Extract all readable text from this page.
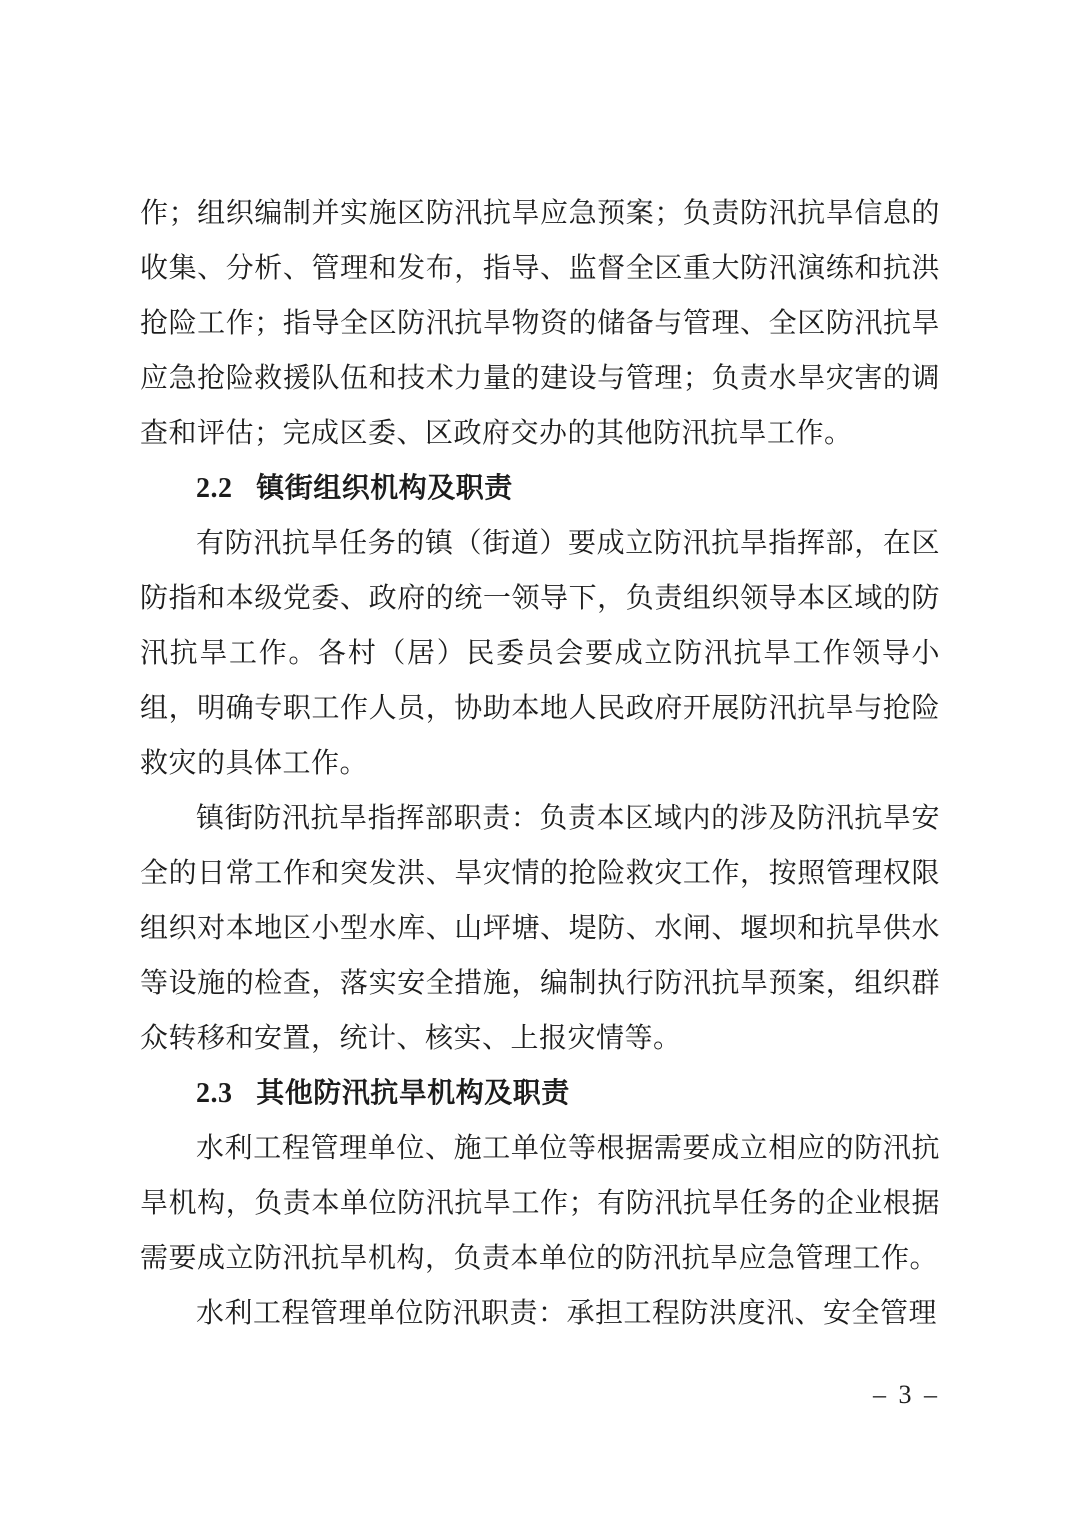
作；组织编制并实施区防汛抗旱应急预案；负责防汛抗旱信息的收集、分析、管理和发布，指导、监督全区重大防汛演练和抗洪抢险工作；指导全区防汛抗旱物资的储备与管理、全区防汛抗旱应急抢险救援队伍和技术力量的建设与管理；负责水旱灾害的调查和评估；完成区委、区政府交办的其他防汛抗旱工作。

2.2 镇街组织机构及职责

有防汛抗旱任务的镇（街道）要成立防汛抗旱指挥部，在区防指和本级党委、政府的统一领导下，负责组织领导本区域的防汛抗旱工作。各村（居）民委员会要成立防汛抗旱工作领导小组，明确专职工作人员，协助本地人民政府开展防汛抗旱与抢险救灾的具体工作。

镇街防汛抗旱指挥部职责：负责本区域内的涉及防汛抗旱安全的日常工作和突发洪、旱灾情的抢险救灾工作，按照管理权限组织对本地区小型水库、山坪塘、堤防、水闸、堰坝和抗旱供水等设施的检查，落实安全措施，编制执行防汛抗旱预案，组织群众转移和安置，统计、核实、上报灾情等。

2.3 其他防汛抗旱机构及职责

水利工程管理单位、施工单位等根据需要成立相应的防汛抗旱机构，负责本单位防汛抗旱工作；有防汛抗旱任务的企业根据需要成立防汛抗旱机构，负责本单位的防汛抗旱应急管理工作。

水利工程管理单位防汛职责：承担工程防洪度汛、安全管理

– 3 –
